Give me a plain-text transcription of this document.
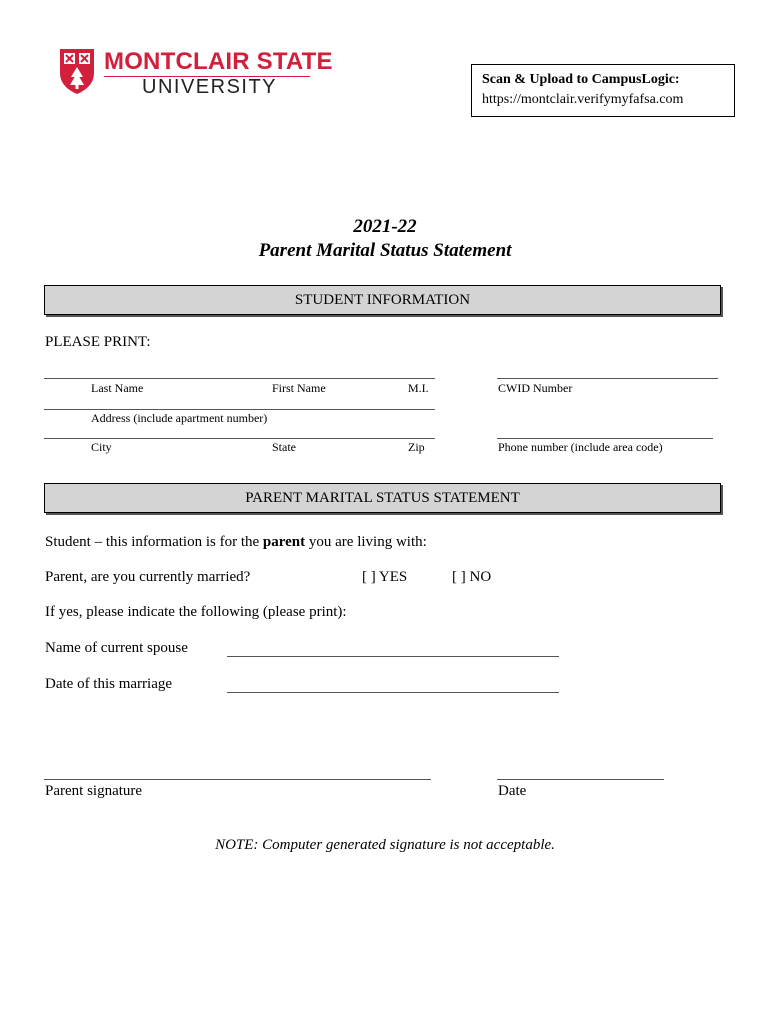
MONTCLAIR STATE
UNIVERSITY	Scan & Upload to CampusLogic:
https://montclair.verifymyfafsa.com
2021-22
Parent Marital Status Statement
STUDENT INFORMATION
PLEASE PRINT:
Last Name	First Name	M.I.	CWID Number
Address (include apartment number)
City	State	Zip	Phone number (include area code)
PARENT MARITAL STATUS STATEMENT
Student – this information is for the parent you are living with:
Parent, are you currently married?	[ ] YES	[ ] NO
If yes, please indicate the following (please print):
Name of current spouse
Date of this marriage
Parent signature	Date
NOTE: Computer generated signature is not acceptable.
